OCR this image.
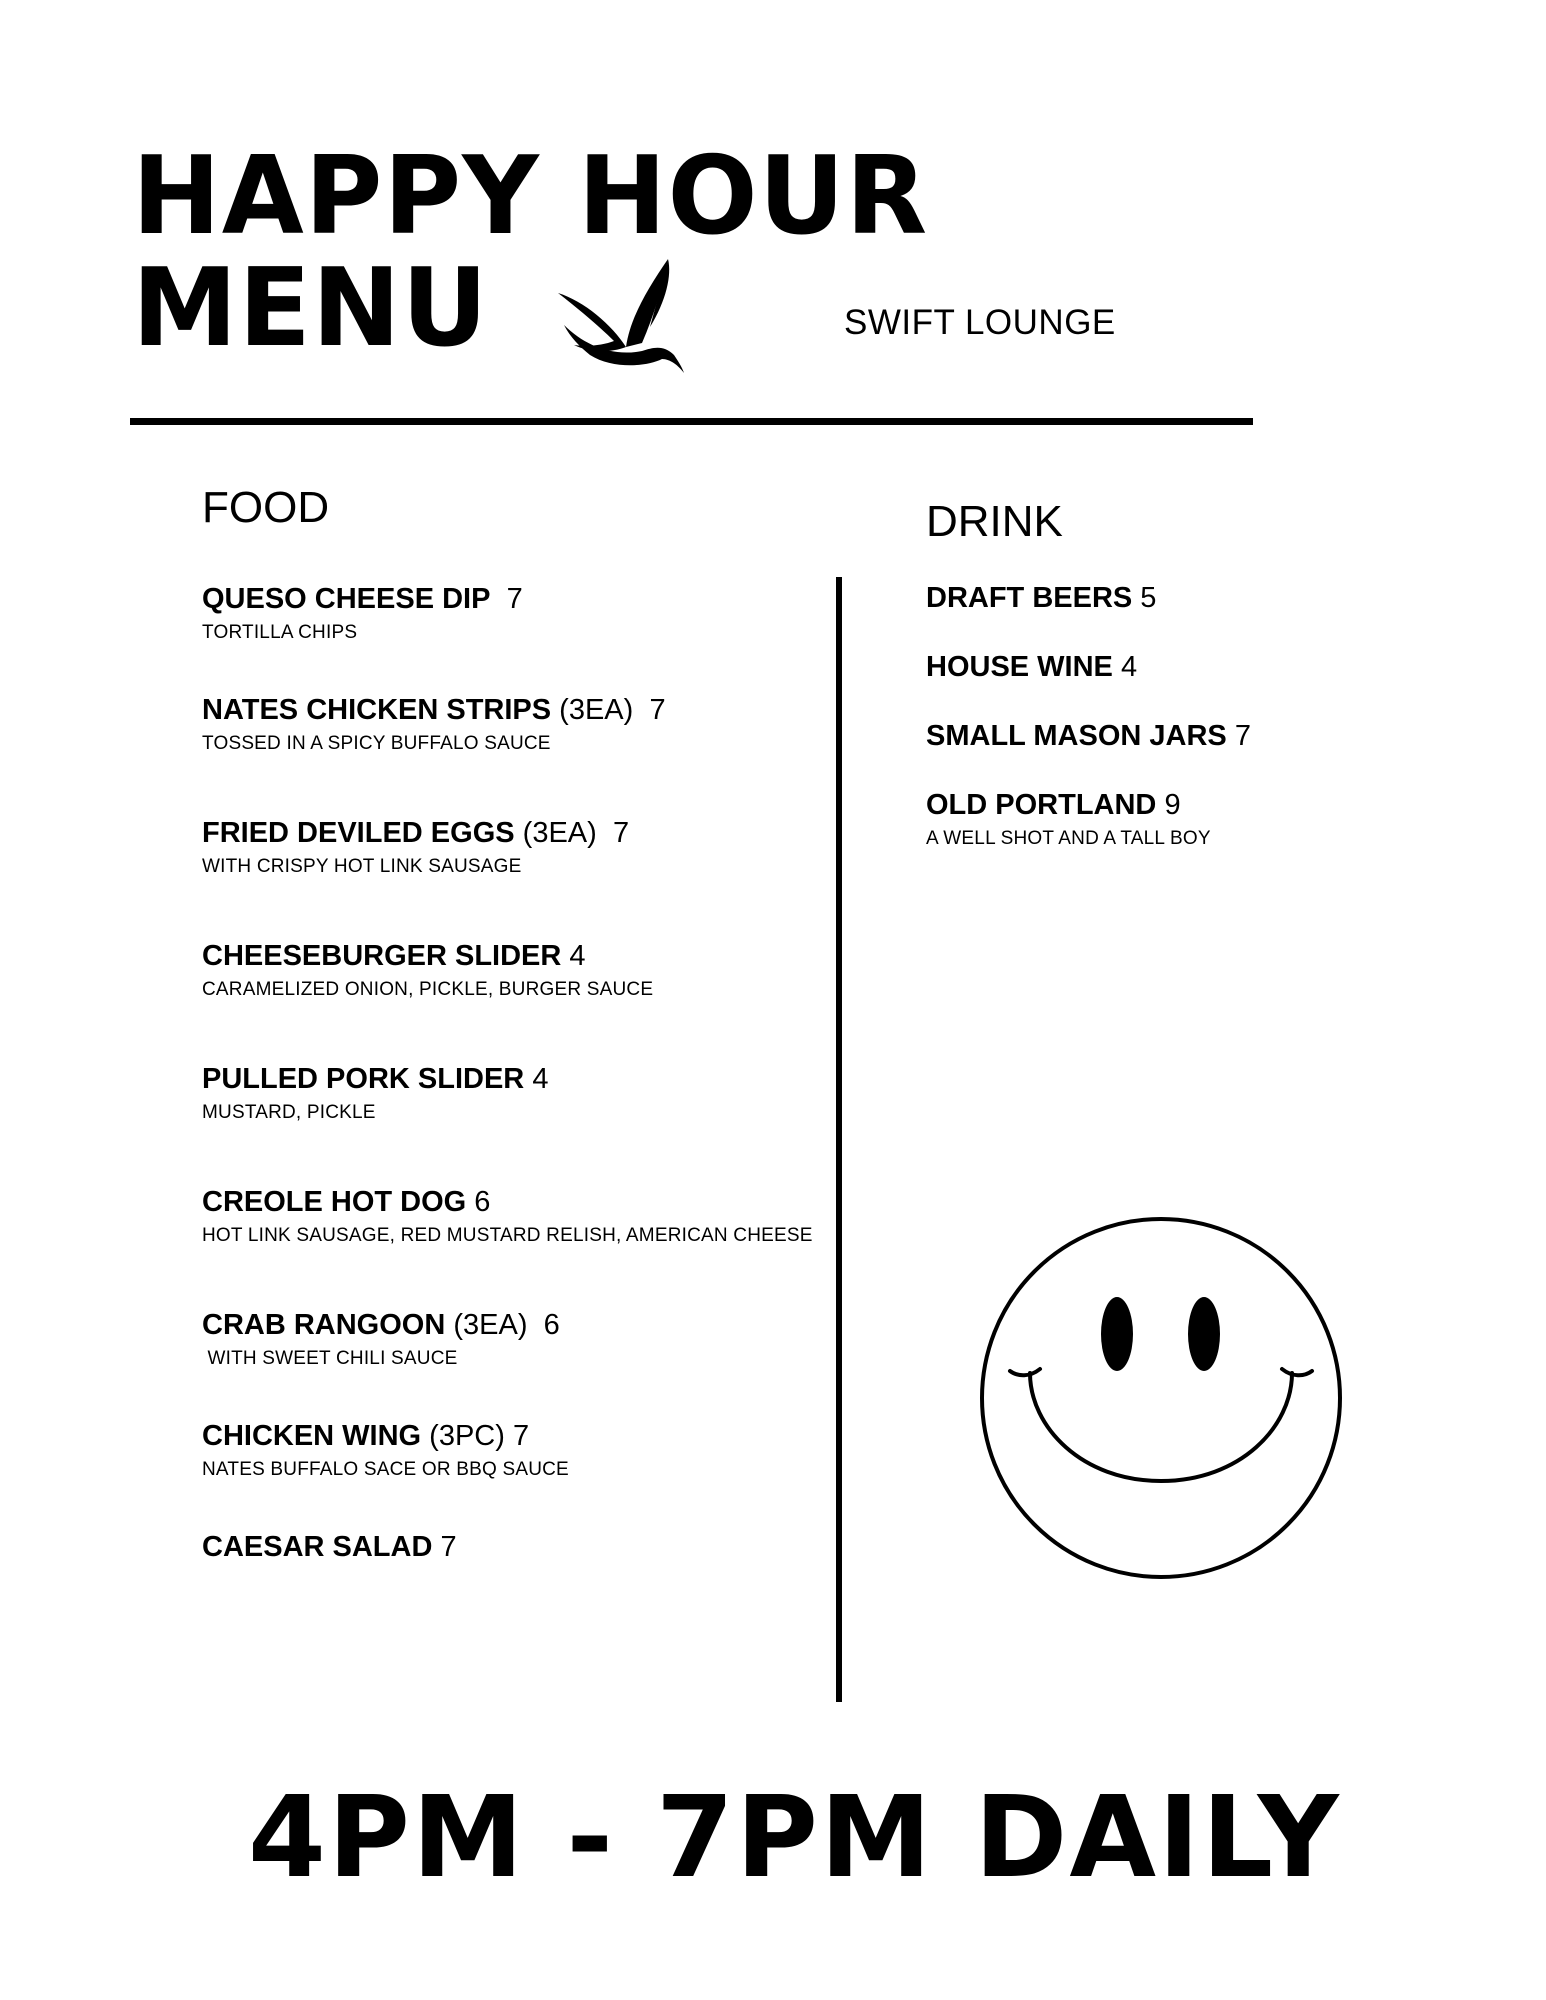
HAPPY HOUR
MENU	SWIFT LOUNGE
FOOD	DRINK
QUESO CHEESE DIP 7
TORTILLA CHIPS
NATES CHICKEN STRIPS (3EA) 7
TOSSED IN A SPICY BUFFALO SAUCE
FRIED DEVILED EGGS (3EA) 7
WITH CRISPY HOT LINK SAUSAGE
CHEESEBURGER SLIDER 4
CARAMELIZED ONION, PICKLE, BURGER SAUCE
PULLED PORK SLIDER 4
MUSTARD, PICKLE
CREOLE HOT DOG 6
HOT LINK SAUSAGE, RED MUSTARD RELISH, AMERICAN CHEESE
CRAB RANGOON (3EA) 6
WITH SWEET CHILI SAUCE
CHICKEN WING (3PC) 7
NATES BUFFALO SACE OR BBQ SAUCE
CAESAR SALAD 7
DRAFT BEERS 5
HOUSE WINE 4
SMALL MASON JARS 7
OLD PORTLAND 9
A WELL SHOT AND A TALL BOY
4PM - 7PM DAILY
